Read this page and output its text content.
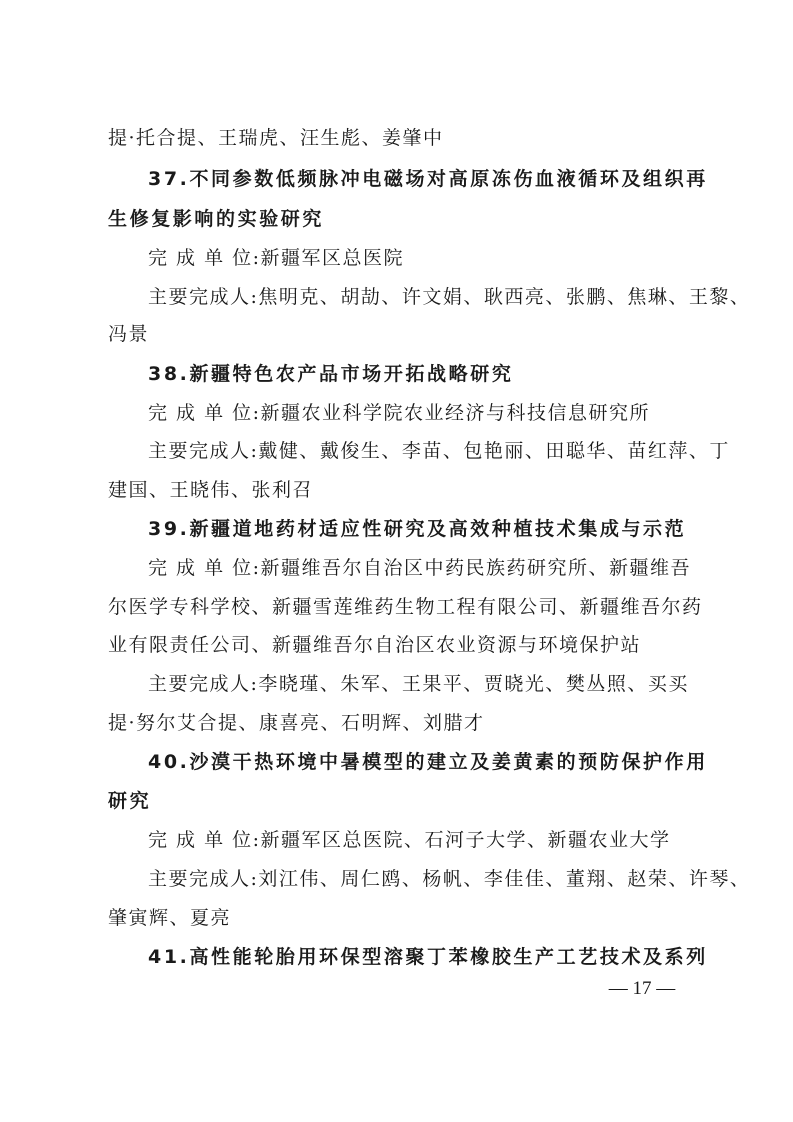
提·托合提、王瑞虎、汪生彪、姜肇中
37.不同参数低频脉冲电磁场对高原冻伤血液循环及组织再
生修复影响的实验研究
完 成 单 位:新疆军区总医院
主要完成人:焦明克、胡劼、许文娟、耿西亮、张鹏、焦琳、王黎、
冯景
38.新疆特色农产品市场开拓战略研究
完 成 单 位:新疆农业科学院农业经济与科技信息研究所
主要完成人:戴健、戴俊生、李苗、包艳丽、田聪华、苗红萍、丁
建国、王晓伟、张利召
39.新疆道地药材适应性研究及高效种植技术集成与示范
完 成 单 位:新疆维吾尔自治区中药民族药研究所、新疆维吾
尔医学专科学校、新疆雪莲维药生物工程有限公司、新疆维吾尔药
业有限责任公司、新疆维吾尔自治区农业资源与环境保护站
主要完成人:李晓瑾、朱军、王果平、贾晓光、樊丛照、买买
提·努尔艾合提、康喜亮、石明辉、刘腊才
40.沙漠干热环境中暑模型的建立及姜黄素的预防保护作用
研究
完 成 单 位:新疆军区总医院、石河子大学、新疆农业大学
主要完成人:刘江伟、周仁鸥、杨帆、李佳佳、董翔、赵荣、许琴、
肇寅辉、夏亮
41.高性能轮胎用环保型溶聚丁苯橡胶生产工艺技术及系列
— 17 —
